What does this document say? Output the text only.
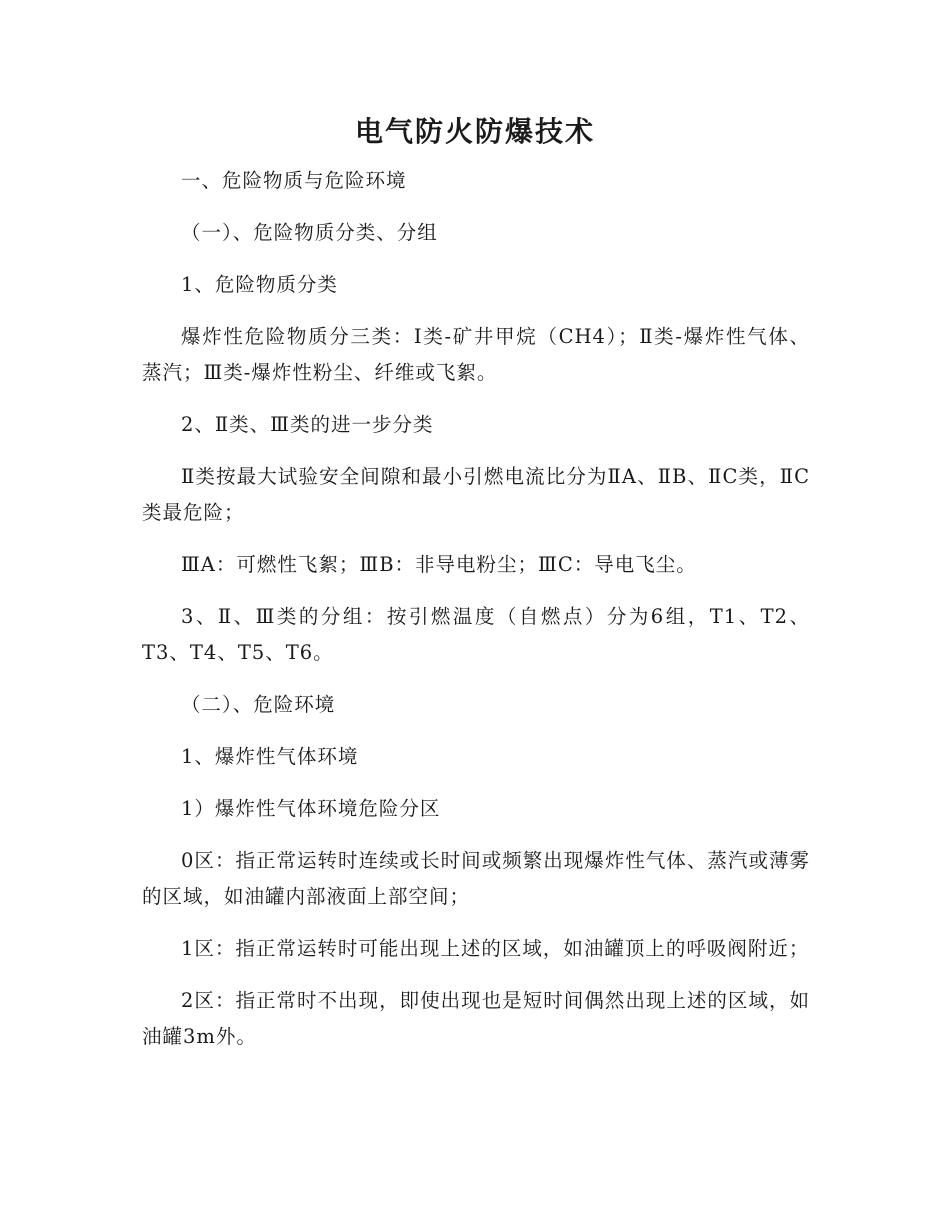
电气防火防爆技术

一、危险物质与危险环境

（一）、危险物质分类、分组

1、危险物质分类

爆炸性危险物质分三类：I类-矿井甲烷（CH4）；Ⅱ类-爆炸性气体、蒸汽；Ⅲ类-爆炸性粉尘、纤维或飞絮。

2、Ⅱ类、Ⅲ类的进一步分类

Ⅱ类按最大试验安全间隙和最小引燃电流比分为ⅡA、ⅡB、ⅡC类，ⅡC类最危险；

ⅢA：可燃性飞絮；ⅢB：非导电粉尘；ⅢC：导电飞尘。

3、Ⅱ、Ⅲ类的分组：按引燃温度（自燃点）分为6组，T1、T2、T3、T4、T5、T6。

（二）、危险环境

1、爆炸性气体环境

1）爆炸性气体环境危险分区

0区：指正常运转时连续或长时间或频繁出现爆炸性气体、蒸汽或薄雾的区域，如油罐内部液面上部空间；

1区：指正常运转时可能出现上述的区域，如油罐顶上的呼吸阀附近；

2区：指正常时不出现，即使出现也是短时间偶然出现上述的区域，如油罐3m外。
